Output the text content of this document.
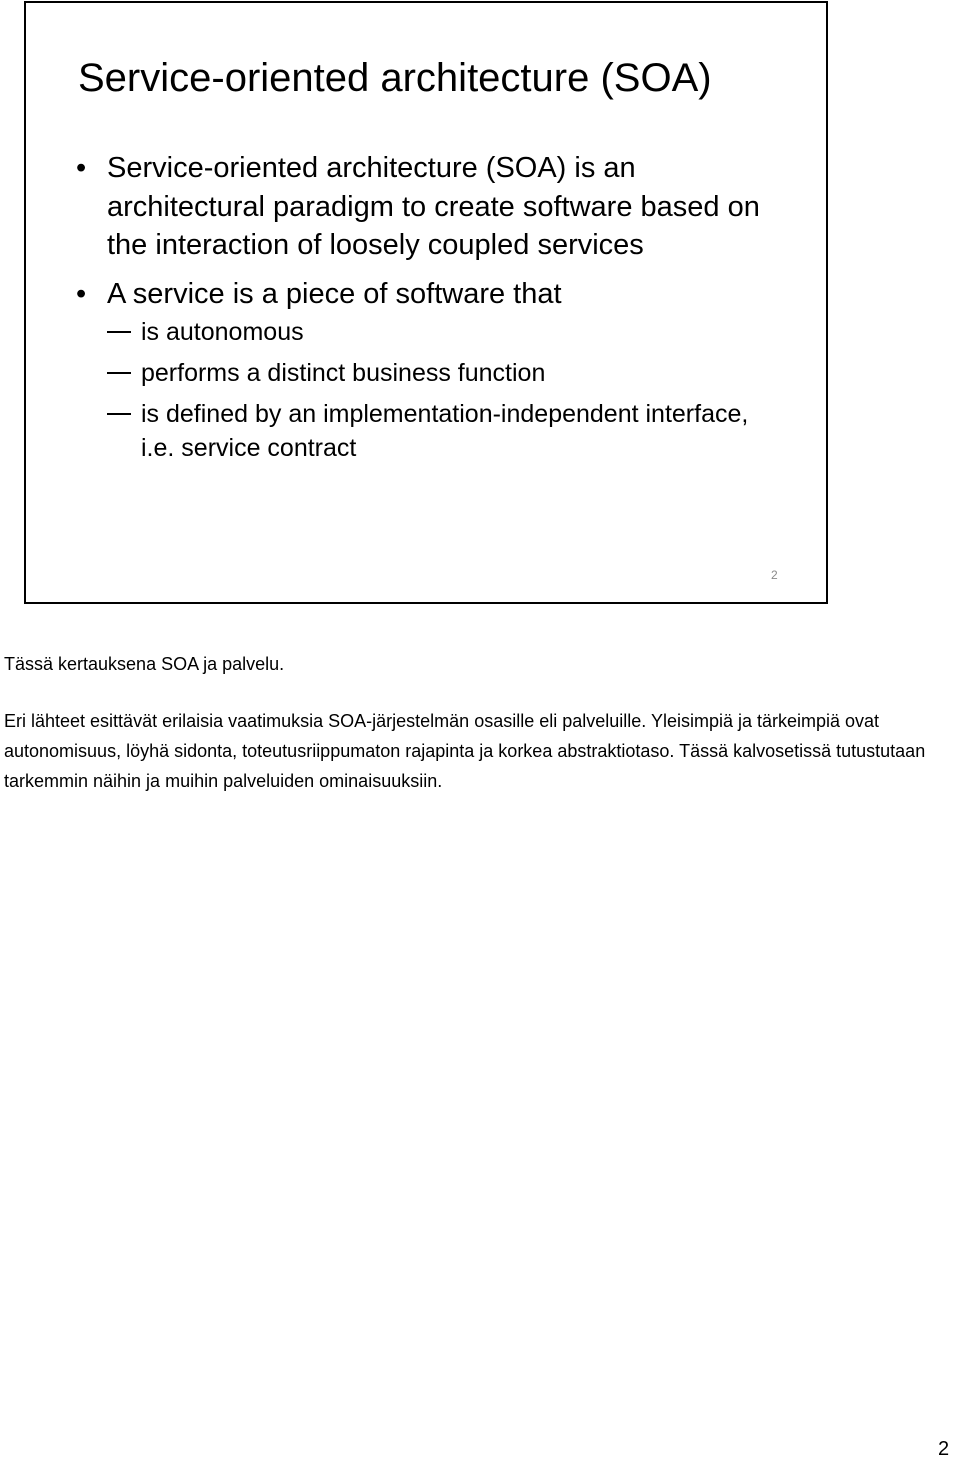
Service-oriented architecture (SOA)
• Service-oriented architecture (SOA) is an architectural paradigm to create software based on the interaction of loosely coupled services
• A service is a piece of software that
is autonomous
performs a distinct business function
is defined by an implementation-independent interface, i.e. service contract
2

Tässä kertauksena SOA ja palvelu.

Eri lähteet esittävät erilaisia vaatimuksia SOA-järjestelmän osasille eli palveluille. Yleisimpiä ja tärkeimpiä ovat autonomisuus, löyhä sidonta, toteutusriippumaton rajapinta ja korkea abstraktiotaso. Tässä kalvosetissä tutustutaan tarkemmin näihin ja muihin palveluiden ominaisuuksiin.

2
